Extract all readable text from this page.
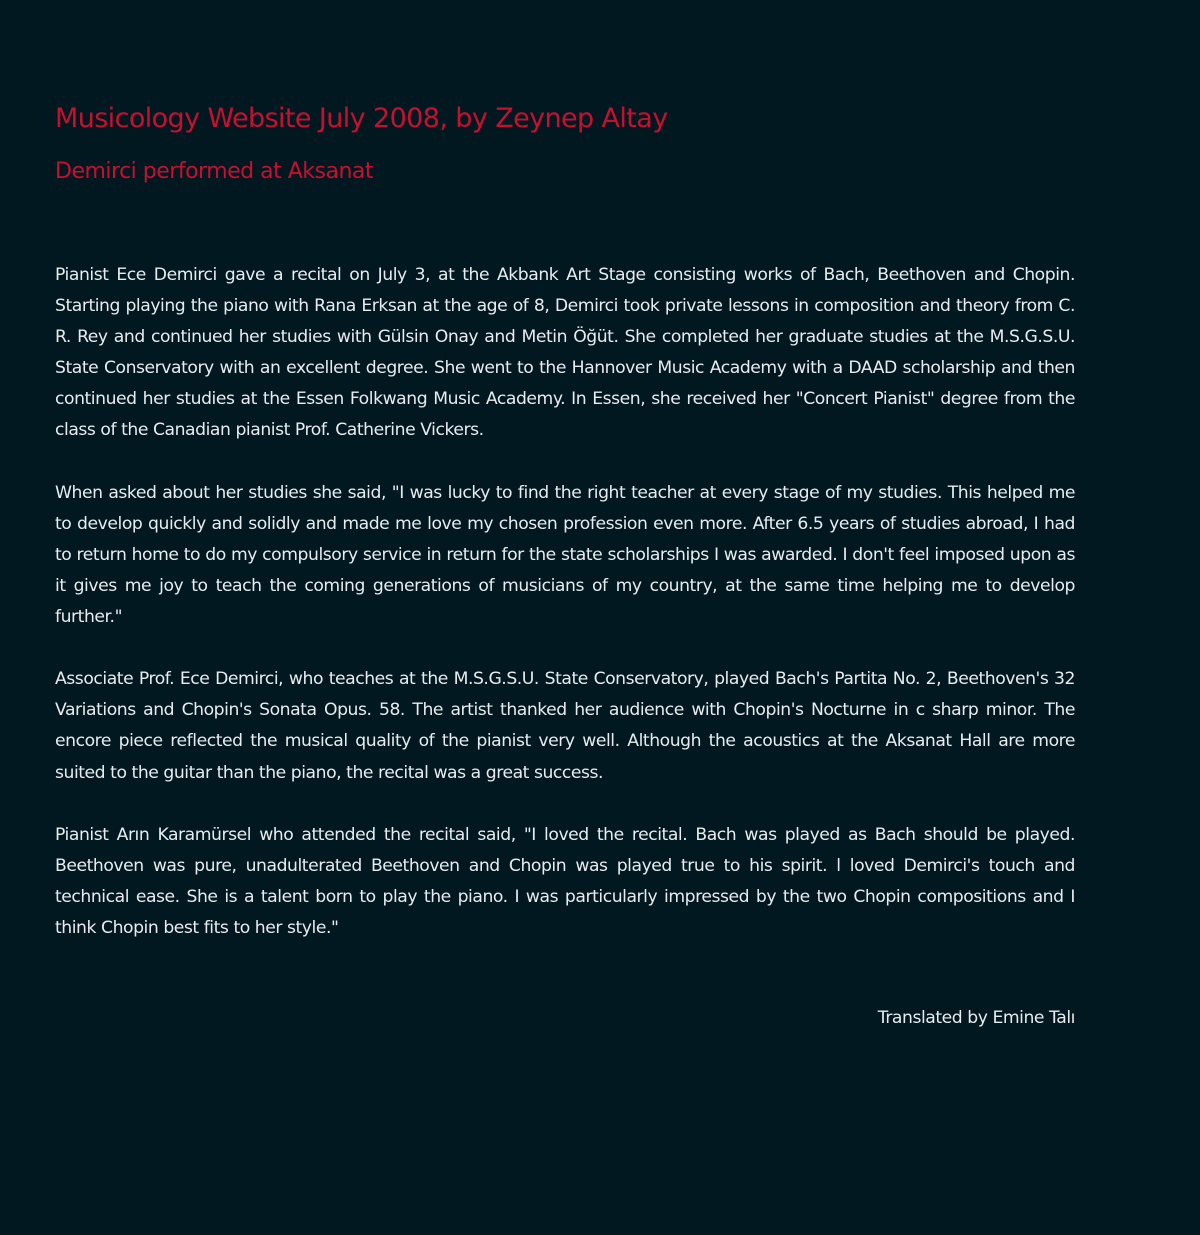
Musicology Website July 2008, by Zeynep Altay
Demirci performed at Aksanat

Pianist Ece Demirci gave a recital on July 3, at the Akbank Art Stage consisting works of Bach, Beethoven and Chopin. Starting playing the piano with Rana Erksan at the age of 8, Demirci took private lessons in composition and theory from C. R. Rey and continued her studies with Gülsin Onay and Metin Öğüt. She completed her graduate studies at the M.S.G.S.U. State Conservatory with an excellent degree. She went to the Hannover Music Academy with a DAAD scholarship and then continued her studies at the Essen Folkwang Music Academy. In Essen, she received her "Concert Pianist" degree from the class of the Canadian pianist Prof. Catherine Vickers.

When asked about her studies she said, "I was lucky to find the right teacher at every stage of my studies. This helped me to develop quickly and solidly and made me love my chosen profession even more. After 6.5 years of studies abroad, I had to return home to do my compulsory service in return for the state scholarships I was awarded. I don't feel imposed upon as it gives me joy to teach the coming generations of musicians of my country, at the same time helping me to develop further."

Associate Prof. Ece Demirci, who teaches at the M.S.G.S.U. State Conservatory, played Bach's Partita No. 2, Beethoven's 32 Variations and Chopin's Sonata Opus. 58. The artist thanked her audience with Chopin's Nocturne in c sharp minor. The encore piece reflected the musical quality of the pianist very well. Although the acoustics at the Aksanat Hall are more suited to the guitar than the piano, the recital was a great success.

Pianist Arın Karamürsel who attended the recital said, "I loved the recital. Bach was played as Bach should be played. Beethoven was pure, unadulterated Beethoven and Chopin was played true to his spirit. l loved Demirci's touch and technical ease. She is a talent born to play the piano. I was particularly impressed by the two Chopin compositions and I think Chopin best fits to her style."

Translated by Emine Talı
